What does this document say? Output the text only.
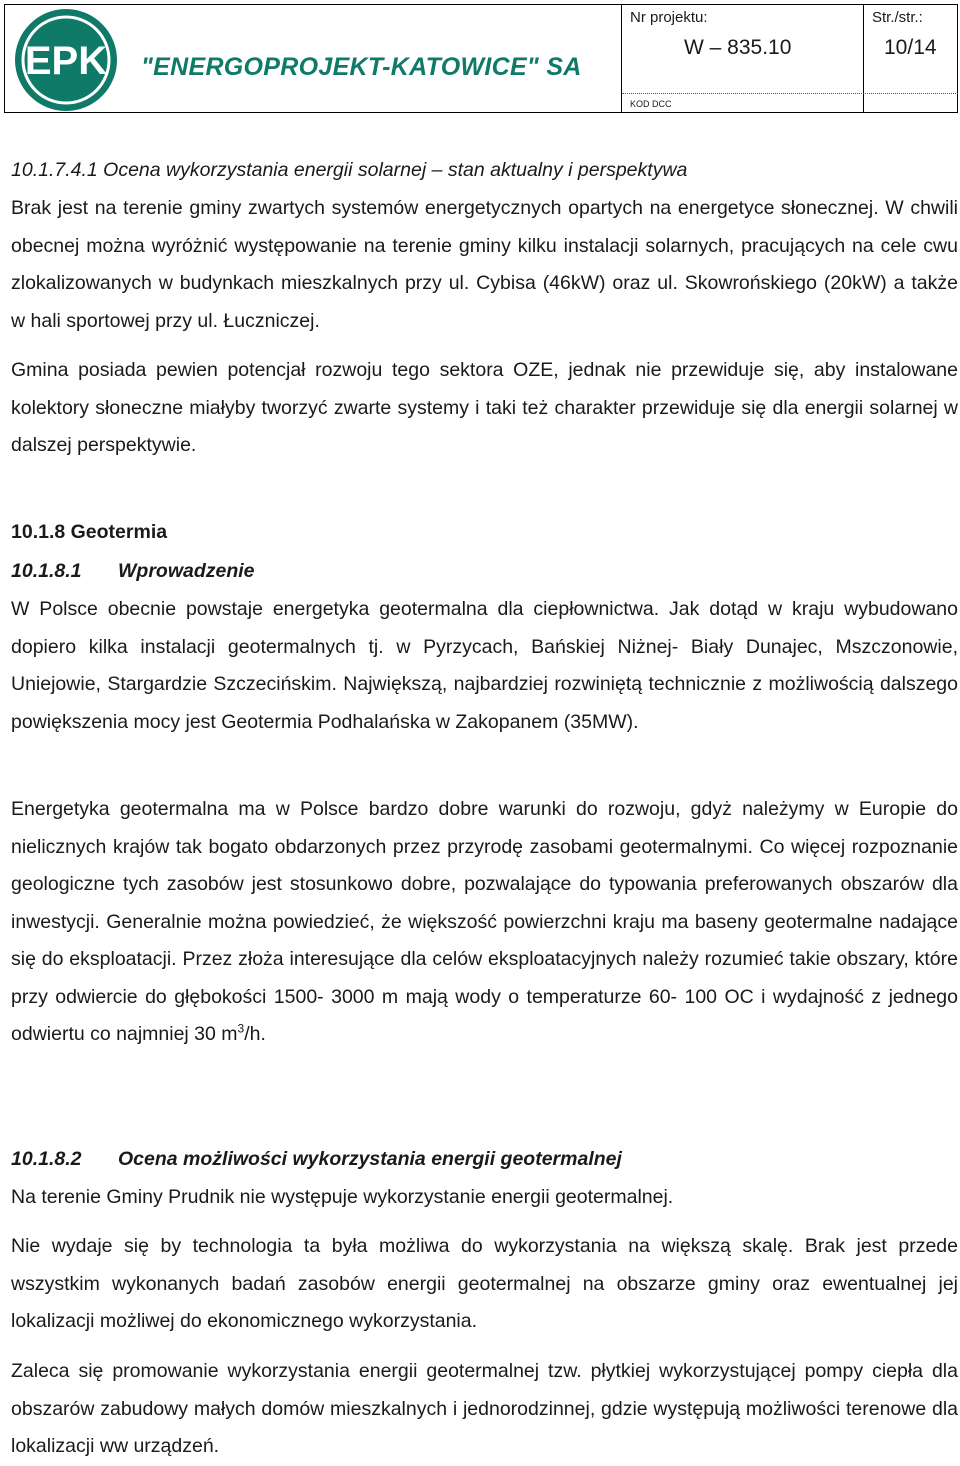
EPK "ENERGOPROJEKT-KATOWICE" SA
Nr projektu:
W – 835.10
Str./str.:
10/14
KOD DCC
10.1.7.4.1 Ocena wykorzystania energii solarnej – stan aktualny i perspektywa
Brak jest na terenie gminy zwartych systemów energetycznych opartych na energetyce słonecznej. W chwili obecnej można wyróżnić występowanie na terenie gminy kilku instalacji solarnych, pracujących na cele cwu zlokalizowanych w budynkach mieszkalnych przy ul. Cybisa (46kW) oraz ul. Skowrońskiego (20kW) a także w hali sportowej przy ul. Łuczniczej.
Gmina posiada pewien potencjał rozwoju tego sektora OZE, jednak nie przewiduje się, aby instalowane kolektory słoneczne miałyby tworzyć zwarte systemy i taki też charakter przewiduje się dla energii solarnej w dalszej perspektywie.
10.1.8 Geotermia
10.1.8.1 Wprowadzenie
W Polsce obecnie powstaje energetyka geotermalna dla ciepłownictwa. Jak dotąd w kraju wybudowano dopiero kilka instalacji geotermalnych tj. w Pyrzycach, Bańskiej Niżnej- Biały Dunajec, Mszczonowie, Uniejowie, Stargardzie Szczecińskim. Największą, najbardziej rozwiniętą technicznie z możliwością dalszego powiększenia mocy jest Geotermia Podhalańska w Zakopanem (35MW).
Energetyka geotermalna ma w Polsce bardzo dobre warunki do rozwoju, gdyż należymy w Europie do nielicznych krajów tak bogato obdarzonych przez przyrodę zasobami geotermalnymi. Co więcej rozpoznanie geologiczne tych zasobów jest stosunkowo dobre, pozwalające do typowania preferowanych obszarów dla inwestycji. Generalnie można powiedzieć, że większość powierzchni kraju ma baseny geotermalne nadające się do eksploatacji. Przez złoża interesujące dla celów eksploatacyjnych należy rozumieć takie obszary, które przy odwiercie do głębokości 1500- 3000 m mają wody o temperaturze 60- 100 OC i wydajność z jednego odwiertu co najmniej 30 $m^3/h$.
10.1.8.2 Ocena możliwości wykorzystania energii geotermalnej
Na terenie Gminy Prudnik nie występuje wykorzystanie energii geotermalnej.
Nie wydaje się by technologia ta była możliwa do wykorzystania na większą skalę. Brak jest przede wszystkim wykonanych badań zasobów energii geotermalnej na obszarze gminy oraz ewentualnej jej lokalizacji możliwej do ekonomicznego wykorzystania.
Zaleca się promowanie wykorzystania energii geotermalnej tzw. płytkiej wykorzystującej pompy ciepła dla obszarów zabudowy małych domów mieszkalnych i jednorodzinnej, gdzie występują możliwości terenowe dla lokalizacji ww urządzeń.
